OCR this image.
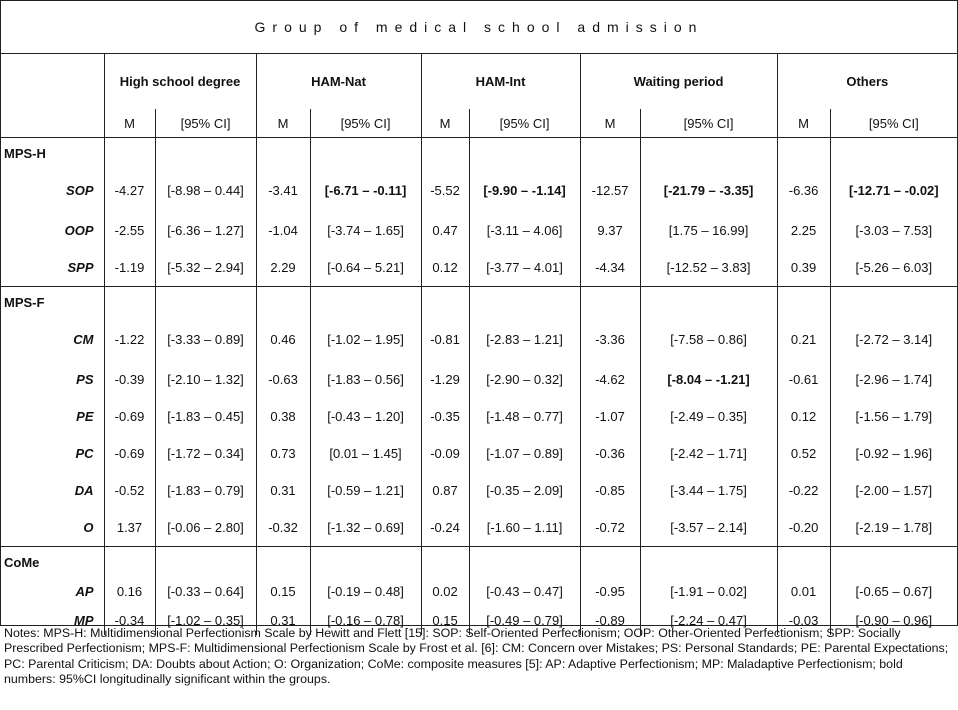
Group of medical school admission
	High school degree		HAM-Nat		HAM-Int		Waiting period		Others	
	M	[95% CI]	M	[95% CI]	M	[95% CI]	M	[95% CI]	M	[95% CI]
MPS-H										
SOP	-4.27	[-8.98 – 0.44]	-3.41	[-6.71 – -0.11]	-5.52	[-9.90 – -1.14]	-12.57	[-21.79 – -3.35]	-6.36	[-12.71 – -0.02]
OOP	-2.55	[-6.36 – 1.27]	-1.04	[-3.74 – 1.65]	0.47	[-3.11 – 4.06]	9.37	[1.75 – 16.99]	2.25	[-3.03 – 7.53]
SPP	-1.19	[-5.32 – 2.94]	2.29	[-0.64 – 5.21]	0.12	[-3.77 – 4.01]	-4.34	[-12.52 – 3.83]	0.39	[-5.26 – 6.03]
MPS-F										
CM	-1.22	[-3.33 – 0.89]	0.46	[-1.02 – 1.95]	-0.81	[-2.83 – 1.21]	-3.36	[-7.58 – 0.86]	0.21	[-2.72 – 3.14]
PS	-0.39	[-2.10 – 1.32]	-0.63	[-1.83 – 0.56]	-1.29	[-2.90 – 0.32]	-4.62	[-8.04 – -1.21]	-0.61	[-2.96 – 1.74]
PE	-0.69	[-1.83 – 0.45]	0.38	[-0.43 – 1.20]	-0.35	[-1.48 – 0.77]	-1.07	[-2.49 – 0.35]	0.12	[-1.56 – 1.79]
PC	-0.69	[-1.72 – 0.34]	0.73	[0.01 – 1.45]	-0.09	[-1.07 – 0.89]	-0.36	[-2.42 – 1.71]	0.52	[-0.92 – 1.96]
DA	-0.52	[-1.83 – 0.79]	0.31	[-0.59 – 1.21]	0.87	[-0.35 – 2.09]	-0.85	[-3.44 – 1.75]	-0.22	[-2.00 – 1.57]
O	1.37	[-0.06 – 2.80]	-0.32	[-1.32 – 0.69]	-0.24	[-1.60 – 1.11]	-0.72	[-3.57 – 2.14]	-0.20	[-2.19 – 1.78]
CoMe										
AP	0.16	[-0.33 – 0.64]	0.15	[-0.19 – 0.48]	0.02	[-0.43 – 0.47]	-0.95	[-1.91 – 0.02]	0.01	[-0.65 – 0.67]
MP	-0.34	[-1.02 – 0.35]	0.31	[-0.16 – 0.78]	0.15	[-0.49 – 0.79]	-0.89	[-2.24 – 0.47]	-0.03	[-0.90 – 0.96]
Notes: MPS-H: Multidimensional Perfectionism Scale by Hewitt and Flett [15]: SOP: Self-Oriented Perfectionism; OOP: Other-Oriented Perfectionism; SPP: Socially Prescribed Perfectionism; MPS-F: Multidimensional Perfectionism Scale by Frost et al. [6]: CM: Concern over Mistakes; PS: Personal Standards; PE: Parental Expectations; PC: Parental Criticism; DA: Doubts about Action; O: Organization; CoMe: composite measures [5]: AP: Adaptive Perfectionism; MP: Maladaptive Perfectionism; bold numbers: 95%CI longitudinally significant within the groups.
